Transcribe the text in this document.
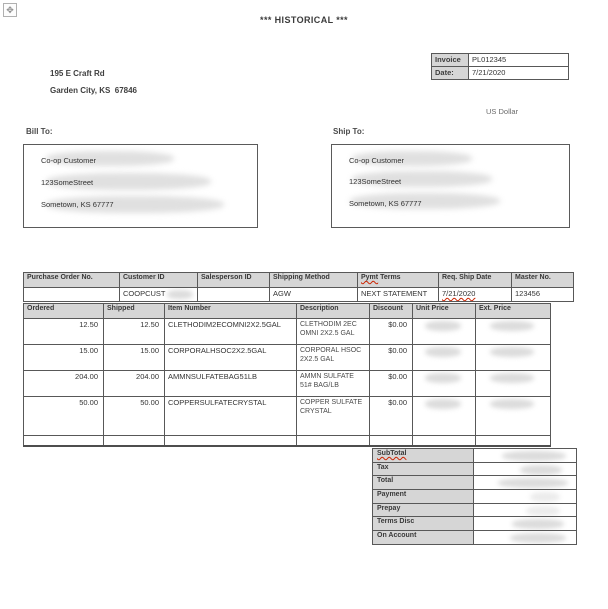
✥
*** HISTORICAL ***
Invoice	PL012345
Date:	7/21/2020
195 E Craft Rd
Garden City, KS  67846
US Dollar
Bill To:
Co-op Customer
123SomeStreet
Sometown, KS 67777
Ship To:
Co-op Customer
123SomeStreet
Sometown, KS 67777
Purchase Order No.	Customer ID	Salesperson ID	Shipping Method	Pymt Terms	Req. Ship Date	Master No.
	COOPCUST		AGW	NEXT STATEMENT	7/21/2020	123456
Ordered	Shipped	Item Number	Description	Discount	Unit Price	Ext. Price
12.50	12.50	CLETHODIM2ECOMNI2X2.5GAL	CLETHODIM 2EC OMNI 2X2.5 GAL	$0.00	

15.00	15.00	CORPORALHSOC2X2.5GAL	CORPORAL HSOC 2X2.5 GAL	$0.00	

204.00	204.00	AMMNSULFATEBAG51LB	AMMN SULFATE 51# BAG/LB	$0.00	

50.00	50.00	COPPERSULFATECRYSTAL	COPPER SULFATE CRYSTAL	$0.00	

SubTotal	

Tax	

Total	

Payment	

Prepay	

Terms Disc	

On Account	
